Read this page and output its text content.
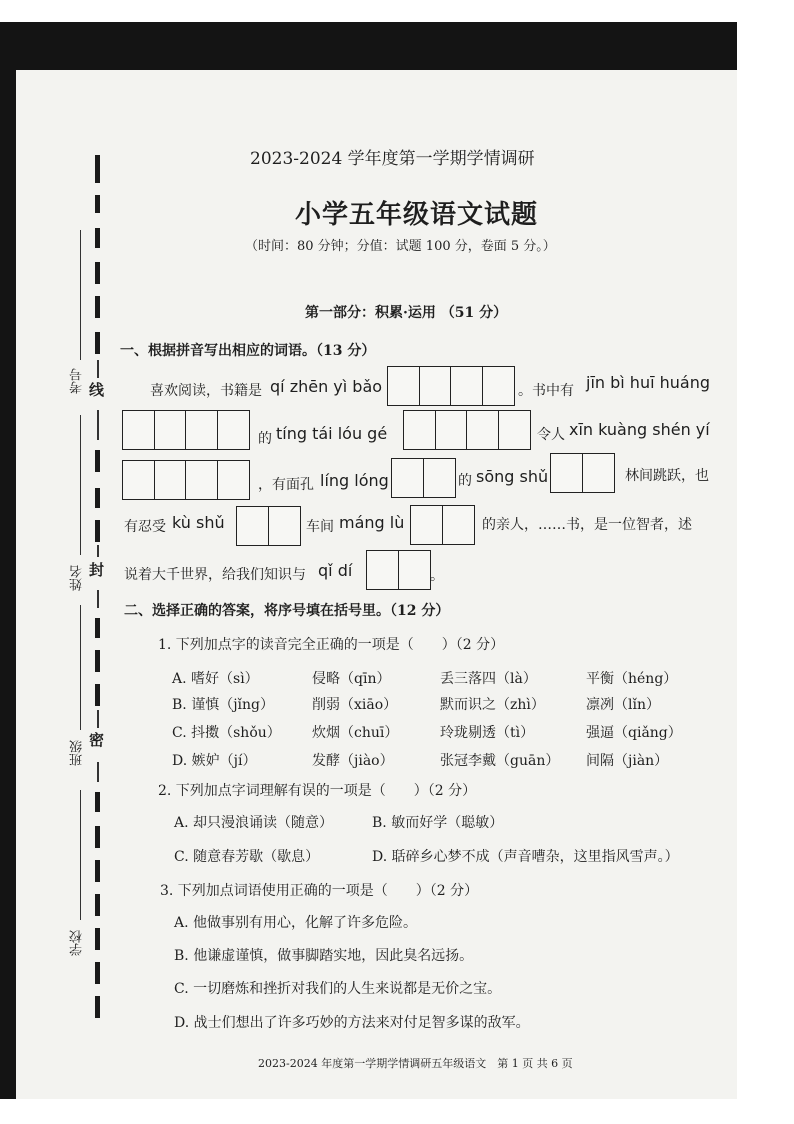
线
封
密
考号
姓名
班级
学校
2023-2024 学年度第一学期学情调研
小学五年级语文试题
（时间：80 分钟；分值：试题 100 分，卷面 5 分。）
第一部分：积累·运用 （51 分）
一、根据拼音写出相应的词语。（13 分）
喜欢阅读，书籍是 qí zhēn yì bǎo	。书中有 jīn bì huī huáng
的 tíng tái lóu gé	令人 xīn kuàng shén yí
，有面孔 líng lóng	的 sōng shǔ	林间跳跃，也
有忍受 kù shǔ	车间 máng lù	的亲人，……书，是一位智者，述
说着大千世界，给我们知识与 qǐ dí	。
二、选择正确的答案，将序号填在括号里。（12 分）
1. 下列加点字的读音完全正确的一项是（　　）（2 分）
A. 嗜好（sì）	侵略（qīn）	丢三落四（là）	平衡（héng）
B. 谨慎（jǐng）	削弱（xiāo）	默而识之（zhì）	凛冽（lǐn）
C. 抖擞（shǒu） 炊烟（chuī）	玲珑剔透（tì）	强逼（qiǎng）
D. 嫉妒（jí）	发酵（jiào）	张冠李戴（guān） 间隔（jiàn）
2. 下列加点字词理解有误的一项是（　　）（2 分）
A. 却只漫浪诵读（随意）	B. 敏而好学（聪敏）
C. 随意春芳歇（歇息）	D. 聒碎乡心梦不成（声音嘈杂，这里指风雪声。）
3. 下列加点词语使用正确的一项是（　　）（2 分）
A. 他做事别有用心，化解了许多危险。
B. 他谦虚谨慎，做事脚踏实地，因此臭名远扬。
C. 一切磨炼和挫折对我们的人生来说都是无价之宝。
D. 战士们想出了许多巧妙的方法来对付足智多谋的敌军。
2023-2024 年度第一学期学情调研五年级语文　第 1 页 共 6 页
